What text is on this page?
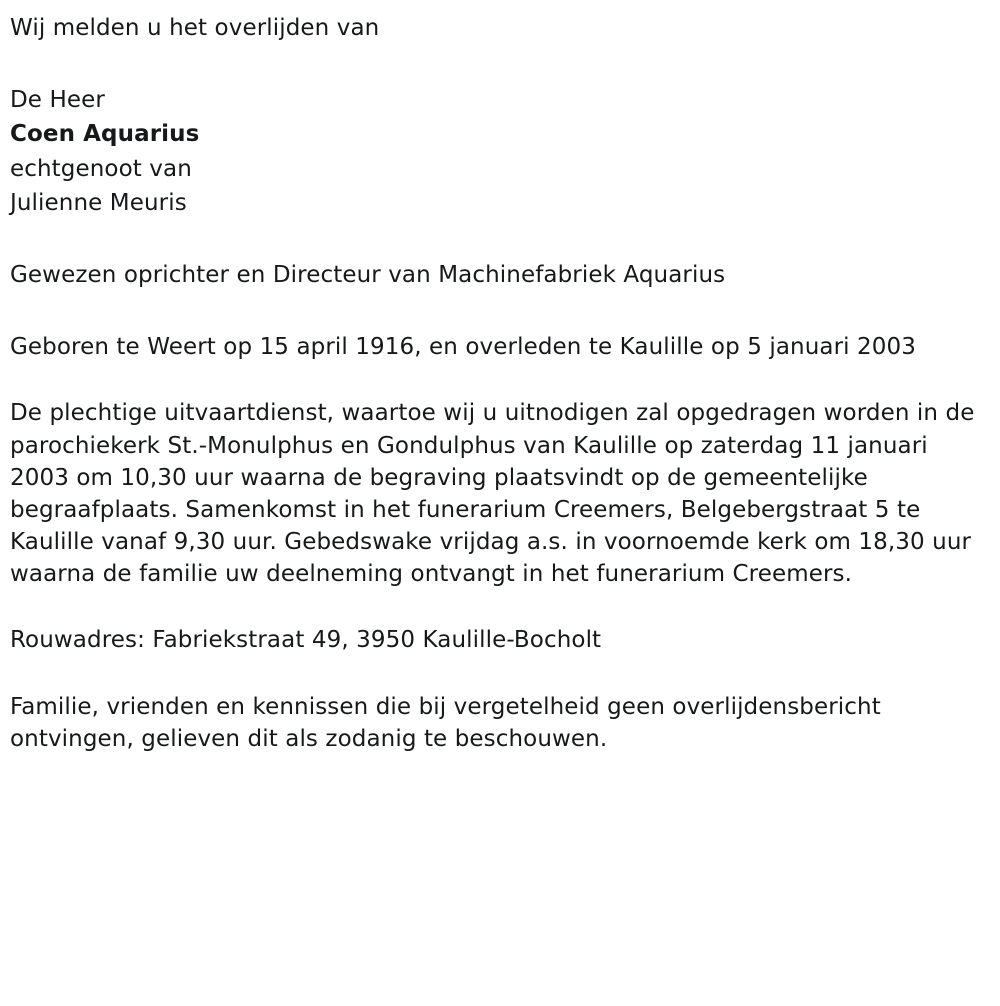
Wij melden u het overlijden van

De Heer

Coen Aquarius

echtgenoot van

Julienne Meuris

Gewezen oprichter en Directeur van Machinefabriek Aquarius

Geboren te Weert op 15 april 1916, en overleden te Kaulille op 5 januari 2003

De plechtige uitvaartdienst, waartoe wij u uitnodigen zal opgedragen worden in de parochiekerk St.-Monulphus en Gondulphus van Kaulille op zaterdag 11 januari 2003 om 10,30 uur waarna de begraving plaatsvindt op de gemeentelijke begraafplaats. Samenkomst in het funerarium Creemers, Belgebergstraat 5 te Kaulille vanaf 9,30 uur. Gebedswake vrijdag a.s. in voornoemde kerk om 18,30 uur waarna de familie uw deelneming ontvangt in het funerarium Creemers.

Rouwadres: Fabriekstraat 49, 3950 Kaulille-Bocholt

Familie, vrienden en kennissen die bij vergetelheid geen overlijdensbericht ontvingen, gelieven dit als zodanig te beschouwen.
